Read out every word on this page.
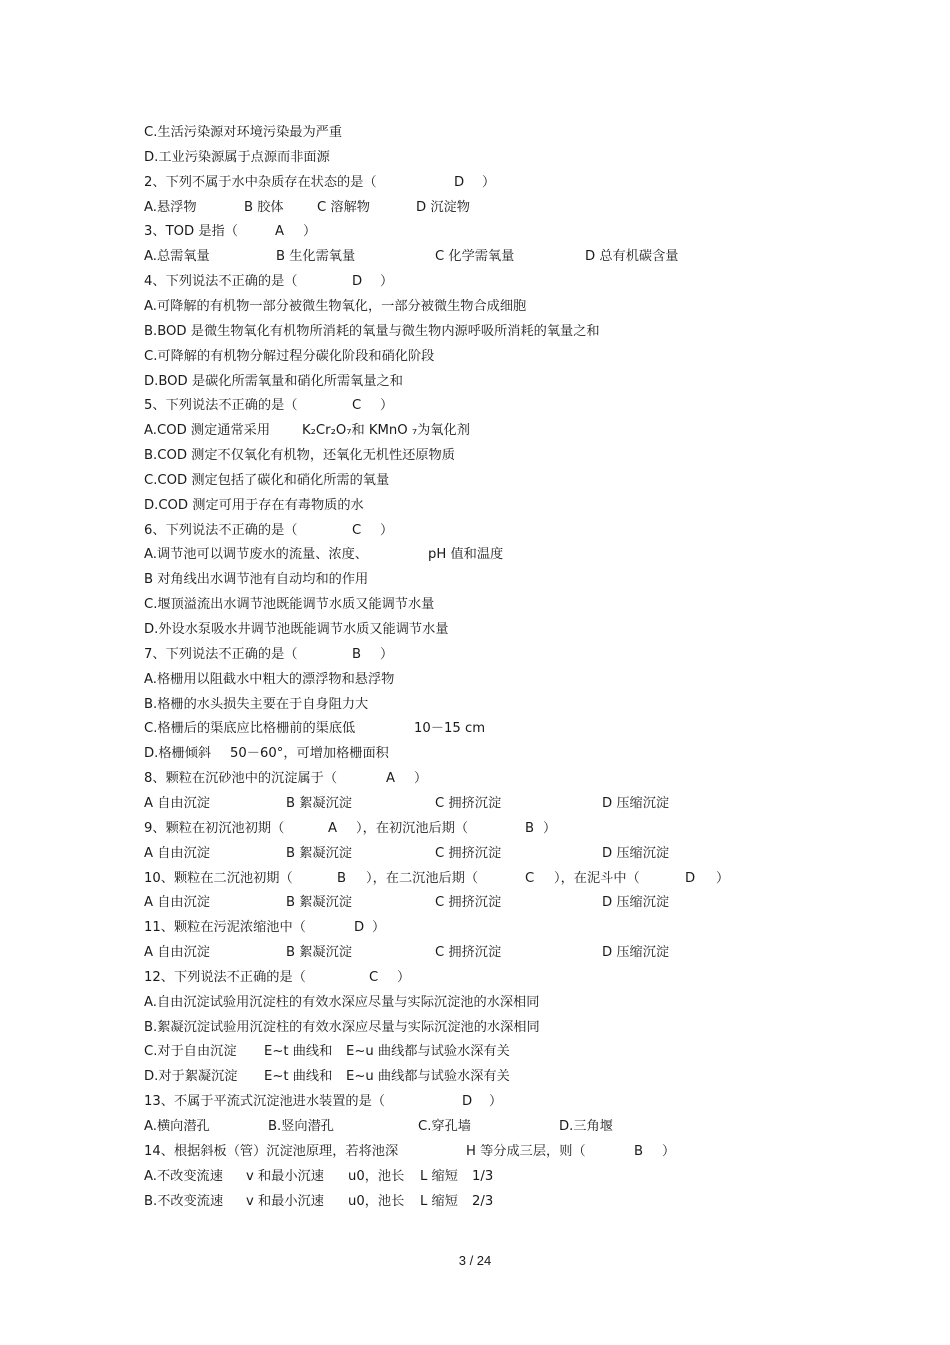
C.生活污染源对环境污染最为严重
D.工业污染源属于点源而非面源
2、下列不属于水中杂质存在状态的是（	D ）
A.悬浮物	B 胶体	C 溶解物	D 沉淀物
3、TOD 是指（	A ）
A.总需氧量	B 生化需氧量	C 化学需氧量	D 总有机碳含量
4、下列说法不正确的是（	D ）
A.可降解的有机物一部分被微生物氧化，一部分被微生物合成细胞
B.BOD 是微生物氧化有机物所消耗的氧量与微生物内源呼吸所消耗的氧量之和
C.可降解的有机物分解过程分碳化阶段和硝化阶段
D.BOD 是碳化所需氧量和硝化所需氧量之和
5、下列说法不正确的是（	C ）
A.COD 测定通常采用 K₂Cr₂O₇和 KMnO ₇为氧化剂
B.COD 测定不仅氧化有机物，还氧化无机性还原物质
C.COD 测定包括了碳化和硝化所需的氧量
D.COD 测定可用于存在有毒物质的水
6、下列说法不正确的是（	C ）
A.调节池可以调节废水的流量、浓度、	pH 值和温度
B 对角线出水调节池有自动均和的作用
C.堰顶溢流出水调节池既能调节水质又能调节水量
D.外设水泵吸水井调节池既能调节水质又能调节水量
7、下列说法不正确的是（	B ）
A.格栅用以阻截水中粗大的漂浮物和悬浮物
B.格栅的水头损失主要在于自身阻力大
C.格栅后的渠底应比格栅前的渠底低	10－15 cm
D.格栅倾斜 50－60°，可增加格栅面积
8、颗粒在沉砂池中的沉淀属于（	A ）
A 自由沉淀	B 絮凝沉淀	C 拥挤沉淀	D 压缩沉淀
9、颗粒在初沉池初期（	A ），在初沉池后期（	B ）
A 自由沉淀	B 絮凝沉淀	C 拥挤沉淀	D 压缩沉淀
10、颗粒在二沉池初期（	B ），在二沉池后期（	C ），在泥斗中（	D ）
A 自由沉淀	B 絮凝沉淀	C 拥挤沉淀	D 压缩沉淀
11、颗粒在污泥浓缩池中（	D ）
A 自由沉淀	B 絮凝沉淀	C 拥挤沉淀	D 压缩沉淀
12、下列说法不正确的是（	C ）
A.自由沉淀试验用沉淀柱的有效水深应尽量与实际沉淀池的水深相同
B.絮凝沉淀试验用沉淀柱的有效水深应尽量与实际沉淀池的水深相同
C.对于自由沉淀 E~t 曲线和 E~u 曲线都与试验水深有关
D.对于絮凝沉淀 E~t 曲线和 E~u 曲线都与试验水深有关
13、不属于平流式沉淀池进水装置的是（	D ）
A.横向潜孔	B.竖向潜孔	C.穿孔墙	D.三角堰
14、根据斜板（管）沉淀池原理，若将池深	H 等分成三层，则（	B ）
A.不改变流速 v 和最小沉速 u0，池长 L 缩短 1/3
B.不改变流速 v 和最小沉速 u0，池长 L 缩短 2/3
3 / 24
